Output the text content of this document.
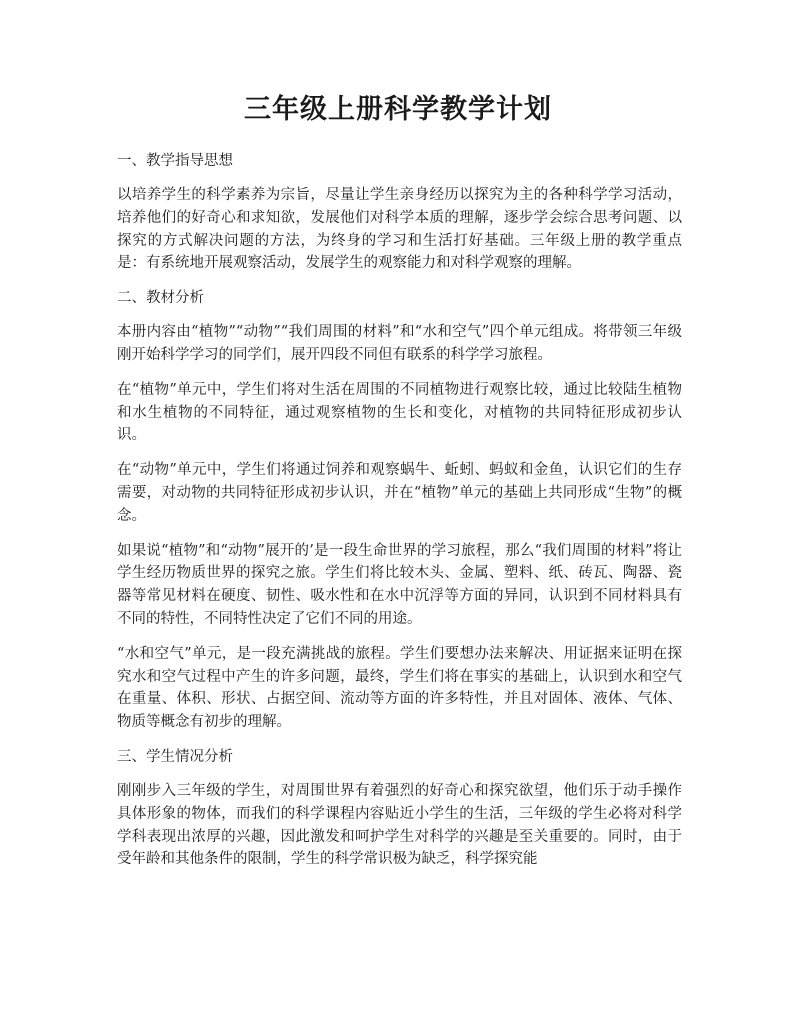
三年级上册科学教学计划

一、教学指导思想

以培养学生的科学素养为宗旨，尽量让学生亲身经历以探究为主的各种科学学习活动，培养他们的好奇心和求知欲，发展他们对科学本质的理解，逐步学会综合思考问题、以探究的方式解决问题的方法，为终身的学习和生活打好基础。三年级上册的教学重点是：有系统地开展观察活动，发展学生的观察能力和对科学观察的理解。

二、教材分析

本册内容由“植物”“动物”“我们周围的材料”和“水和空气”四个单元组成。将带领三年级刚开始科学学习的同学们，展开四段不同但有联系的科学学习旅程。

在“植物”单元中，学生们将对生活在周围的不同植物进行观察比较，通过比较陆生植物和水生植物的不同特征，通过观察植物的生长和变化，对植物的共同特征形成初步认识。

在“动物”单元中，学生们将通过饲养和观察蜗牛、蚯蚓、蚂蚁和金鱼，认识它们的生存需要，对动物的共同特征形成初步认识，并在“植物”单元的基础上共同形成“生物”的概念。

如果说“植物”和“动物”展开的’是一段生命世界的学习旅程，那么“我们周围的材料”将让学生经历物质世界的探究之旅。学生们将比较木头、金属、塑料、纸、砖瓦、陶器、瓷器等常见材料在硬度、韧性、吸水性和在水中沉浮等方面的异同，认识到不同材料具有不同的特性，不同特性决定了它们不同的用途。

“水和空气”单元，是一段充满挑战的旅程。学生们要想办法来解决、用证据来证明在探究水和空气过程中产生的许多问题，最终，学生们将在事实的基础上，认识到水和空气在重量、体积、形状、占据空间、流动等方面的许多特性，并且对固体、液体、气体、物质等概念有初步的理解。

三、学生情况分析

刚刚步入三年级的学生，对周围世界有着强烈的好奇心和探究欲望，他们乐于动手操作具体形象的物体，而我们的科学课程内容贴近小学生的生活，三年级的学生必将对科学学科表现出浓厚的兴趣，因此激发和呵护学生对科学的兴趣是至关重要的。同时，由于受年龄和其他条件的限制，学生的科学常识极为缺乏，科学探究能
